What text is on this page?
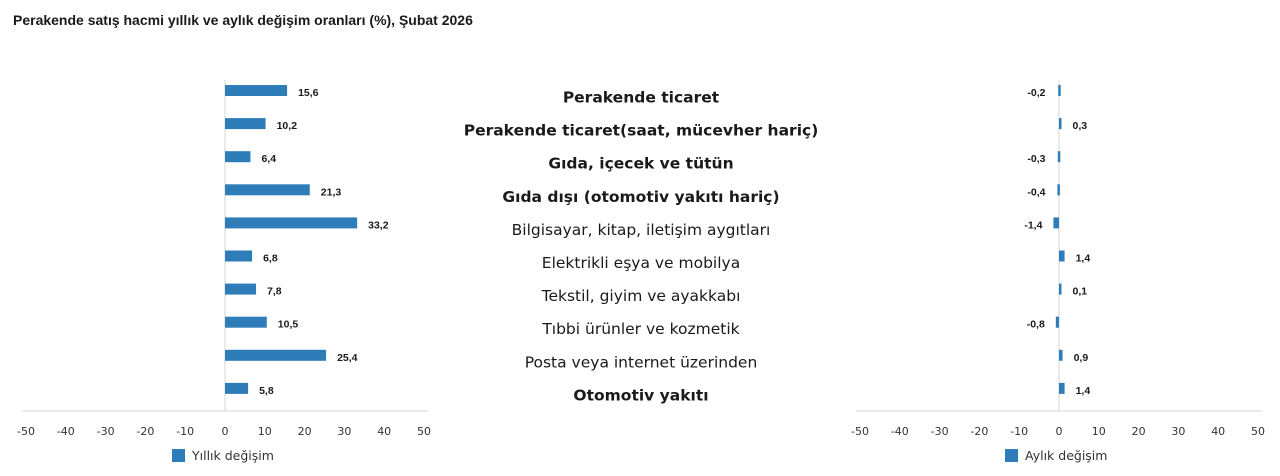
Perakende satış hacmi yıllık ve aylık değişim oranları (%), Şubat 2026
-50 -40 -30 -20 -10 0	10 20 30 40 50
15,6
10,2
6,4
21,3
33,2
6,8
7,8
10,5
25,4
5,8
Yıllık değişim
-50 -40 -30 -20 -10 0	10 20 30 40 50
-0,2
0,3
-0,3
-0,4
-1,4
1,4
0,1
-0,8
0,9
1,4
Aylık değişim
Perakende ticaret
Perakende ticaret(saat, mücevher hariç)
Gıda, içecek ve tütün
Gıda dışı (otomotiv yakıtı hariç)
Bilgisayar, kitap, iletişim aygıtları
Elektrikli eşya ve mobilya
Tekstil, giyim ve ayakkabı
Tıbbi ürünler ve kozmetik
Posta veya internet üzerinden
Otomotiv yakıtı
